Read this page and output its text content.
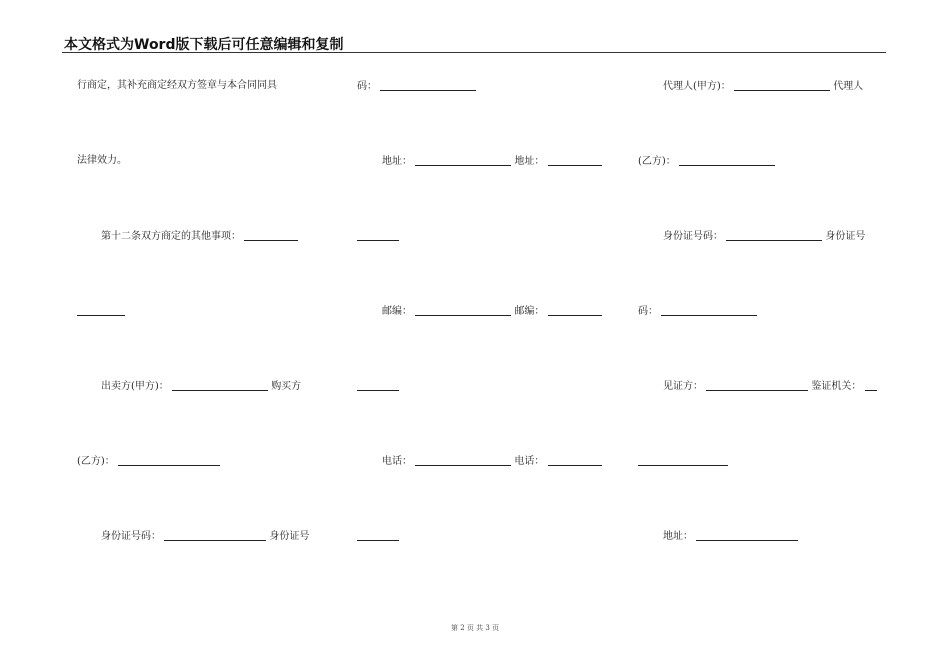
本文格式为Word版下载后可任意编辑和复制
行商定，其补充商定经双方签章与本合同同具
法律效力。
第十二条双方商定的其他事项：
出卖方(甲方)：	购买方
(乙方)：
身份证号码：	身份证号
码：
地址：	地址：
邮编：	邮编：
电话：	电话：
代理人(甲方)：	代理人
(乙方)：
身份证号码：	身份证号
码：
见证方：	鉴证机关：
地址：
第 2 页 共 3 页
